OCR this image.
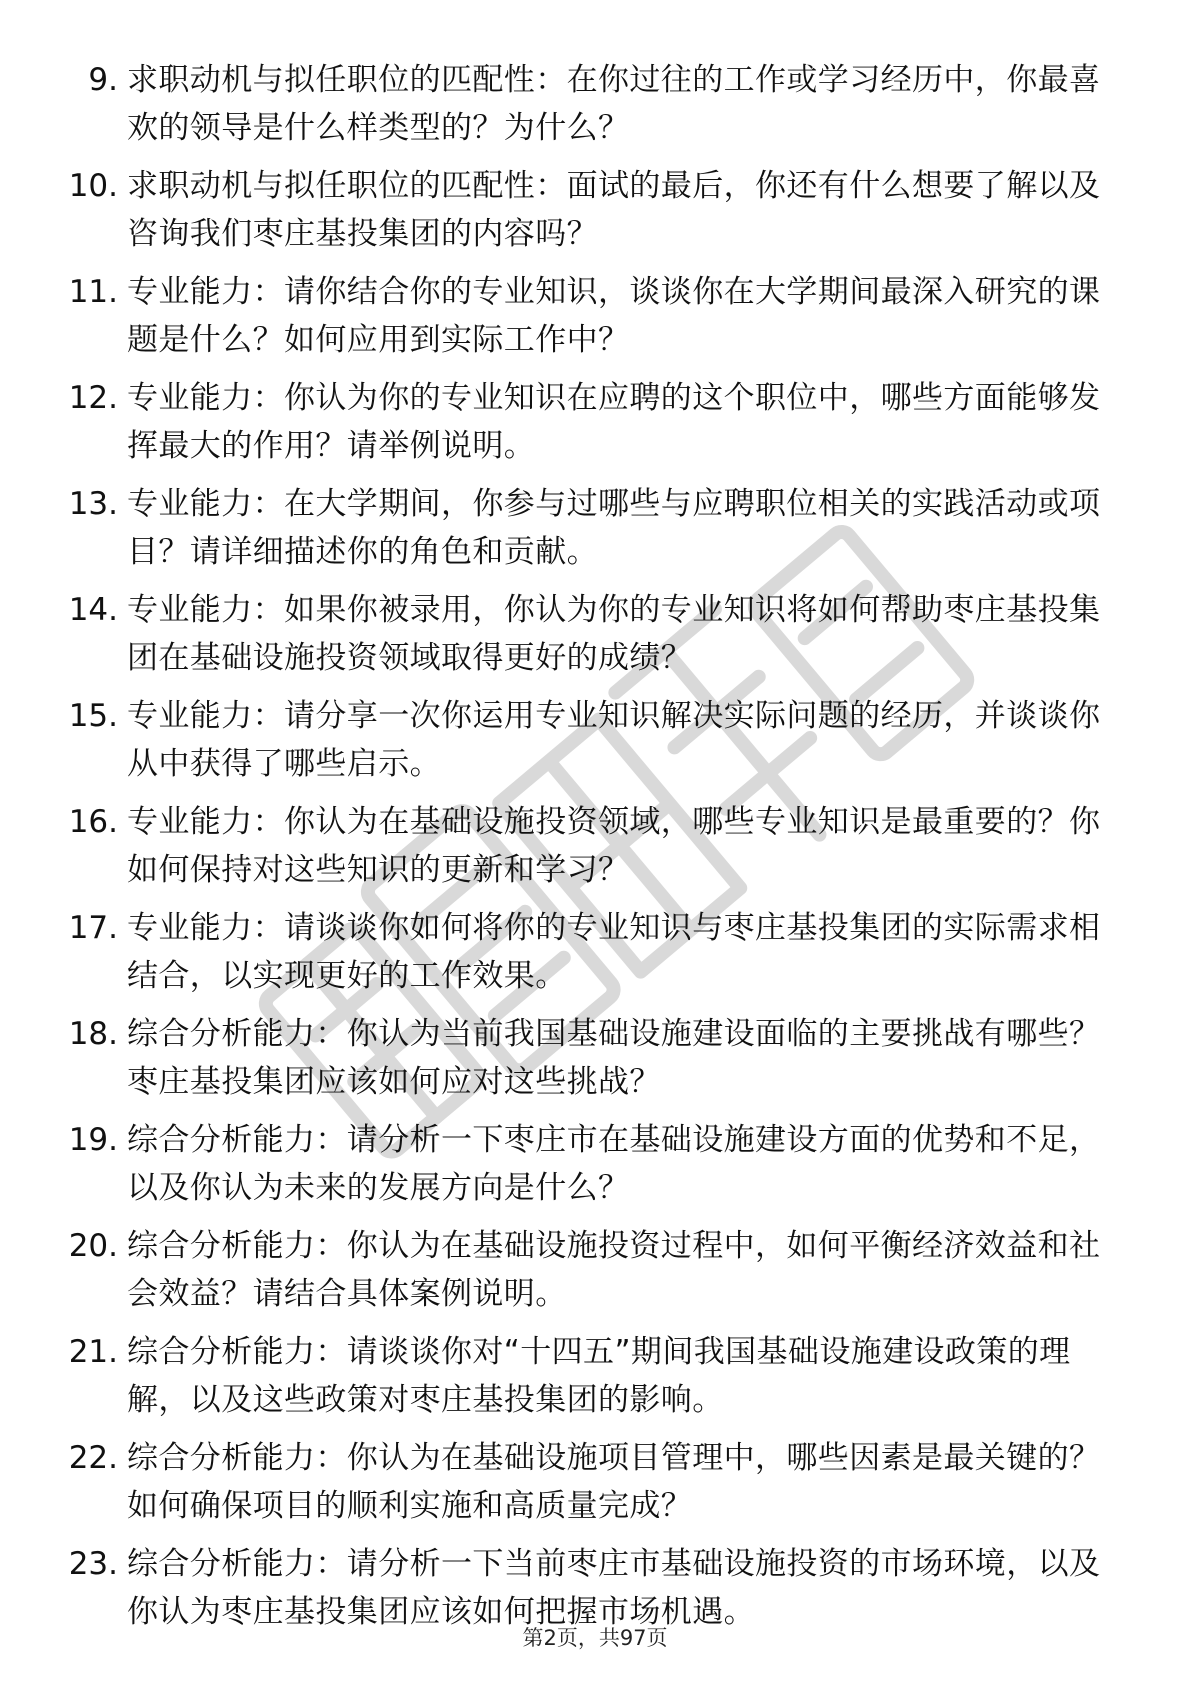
9. 求职动机与拟任职位的匹配性：在你过往的工作或学习经历中，你最喜欢的领导是什么样类型的？为什么？

10. 求职动机与拟任职位的匹配性：面试的最后，你还有什么想要了解以及咨询我们枣庄基投集团的内容吗？

11. 专业能力：请你结合你的专业知识，谈谈你在大学期间最深入研究的课题是什么？如何应用到实际工作中？

12. 专业能力：你认为你的专业知识在应聘的这个职位中，哪些方面能够发挥最大的作用？请举例说明。

13. 专业能力：在大学期间，你参与过哪些与应聘职位相关的实践活动或项目？请详细描述你的角色和贡献。

14. 专业能力：如果你被录用，你认为你的专业知识将如何帮助枣庄基投集团在基础设施投资领域取得更好的成绩？

15. 专业能力：请分享一次你运用专业知识解决实际问题的经历，并谈谈你从中获得了哪些启示。

16. 专业能力：你认为在基础设施投资领域，哪些专业知识是最重要的？你如何保持对这些知识的更新和学习？

17. 专业能力：请谈谈你如何将你的专业知识与枣庄基投集团的实际需求相结合，以实现更好的工作效果。

18. 综合分析能力：你认为当前我国基础设施建设面临的主要挑战有哪些？枣庄基投集团应该如何应对这些挑战？

19. 综合分析能力：请分析一下枣庄市在基础设施建设方面的优势和不足，以及你认为未来的发展方向是什么？

20. 综合分析能力：你认为在基础设施投资过程中，如何平衡经济效益和社会效益？请结合具体案例说明。

21. 综合分析能力：请谈谈你对“十四五”期间我国基础设施建设政策的理解，以及这些政策对枣庄基投集团的影响。

22. 综合分析能力：你认为在基础设施项目管理中，哪些因素是最关键的？如何确保项目的顺利实施和高质量完成？

23. 综合分析能力：请分析一下当前枣庄市基础设施投资的市场环境，以及你认为枣庄基投集团应该如何把握市场机遇。

第2页，共97页
